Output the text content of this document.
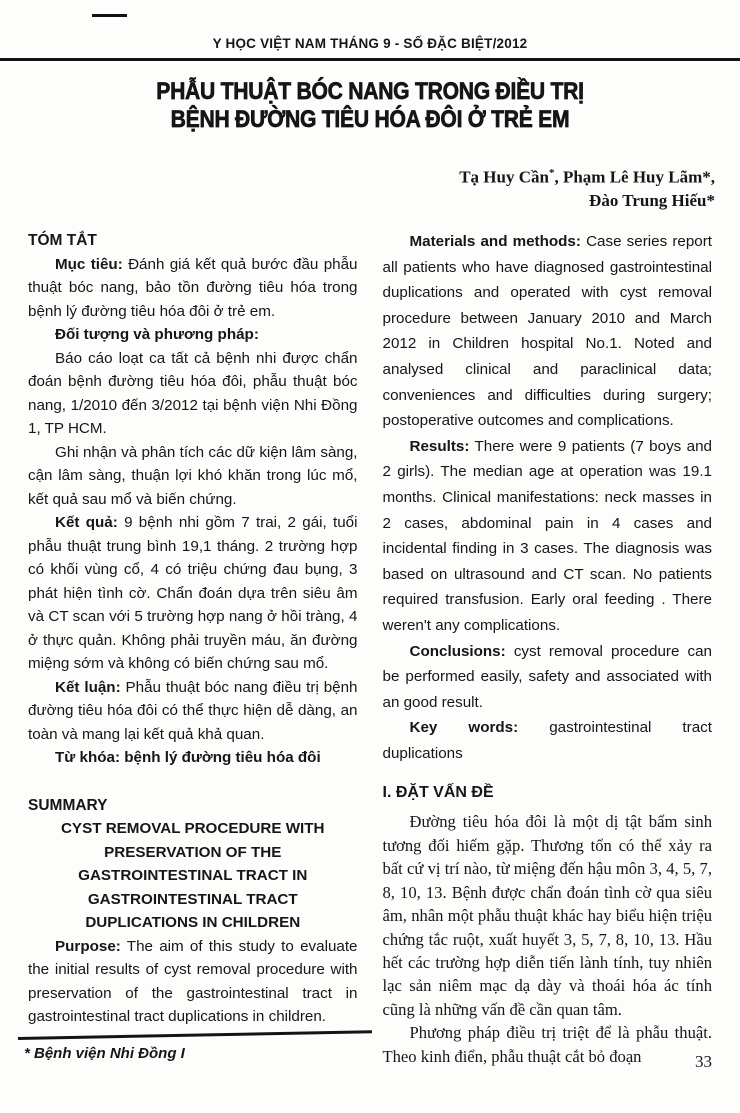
Y HỌC VIỆT NAM THÁNG 9 - SỐ ĐẶC BIỆT/2012
PHẪU THUẬT BÓC NANG TRONG ĐIỀU TRỊ
BỆNH ĐƯỜNG TIÊU HÓA ĐÔI Ở TRẺ EM
Tạ Huy Cần*, Phạm Lê Huy Lãm*,
Đào Trung Hiếu*
TÓM TẮT

Mục tiêu: Đánh giá kết quả bước đầu phẫu thuật bóc nang, bảo tồn đường tiêu hóa trong bệnh lý đường tiêu hóa đôi ở trẻ em.

Đối tượng và phương pháp:

Báo cáo loạt ca tất cả bệnh nhi được chẩn đoán bệnh đường tiêu hóa đôi, phẫu thuật bóc nang, 1/2010 đến 3/2012 tại bệnh viện Nhi Đồng 1, TP HCM.

Ghi nhận và phân tích các dữ kiện lâm sàng, cận lâm sàng, thuận lợi khó khăn trong lúc mổ, kết quả sau mổ và biến chứng.

Kết quả: 9 bệnh nhi gồm 7 trai, 2 gái, tuổi phẫu thuật trung bình 19,1 tháng. 2 trường hợp có khối vùng cổ, 4 có triệu chứng đau bụng, 3 phát hiện tình cờ. Chẩn đoán dựa trên siêu âm và CT scan với 5 trường hợp nang ở hồi tràng, 4 ở thực quản. Không phải truyền máu, ăn đường miệng sớm và không có biến chứng sau mổ.

Kết luận: Phẫu thuật bóc nang điều trị bệnh đường tiêu hóa đôi có thể thực hiện dễ dàng, an toàn và mang lại kết quả khả quan.

Từ khóa: bệnh lý đường tiêu hóa đôi

SUMMARY
CYST REMOVAL PROCEDURE WITH
PRESERVATION OF THE
GASTROINTESTINAL TRACT IN
GASTROINTESTINAL TRACT
DUPLICATIONS IN CHILDREN

Purpose: The aim of this study to evaluate the initial results of cyst removal procedure with preservation of the gastrointestinal tract in gastrointestinal tract duplications in children.

Materials and methods: Case series report all patients who have diagnosed gastrointestinal duplications and operated with cyst removal procedure between January 2010 and March 2012 in Children hospital No.1. Noted and analysed clinical and paraclinical data; conveniences and difficulties during surgery; postoperative outcomes and complications.

Results: There were 9 patients (7 boys and 2 girls). The median age at operation was 19.1 months. Clinical manifestations: neck masses in 2 cases, abdominal pain in 4 cases and incidental finding in 3 cases. The diagnosis was based on ultrasound and CT scan. No patients required transfusion. Early oral feeding . There weren't any complications.

Conclusions: cyst removal procedure can be performed easily, safety and associated with an good result.

Key words: gastrointestinal tract duplications

I. ĐẶT VẤN ĐỀ

Đường tiêu hóa đôi là một dị tật bẩm sinh tương đối hiếm gặp. Thương tổn có thể xảy ra bất cứ vị trí nào, từ miệng đến hậu môn 3, 4, 5, 7, 8, 10, 13. Bệnh được chẩn đoán tình cờ qua siêu âm, nhân một phẫu thuật khác hay biểu hiện triệu chứng tắc ruột, xuất huyết 3, 5, 7, 8, 10, 13. Hầu hết các trường hợp diễn tiến lành tính, tuy nhiên lạc sản niêm mạc dạ dày và thoái hóa ác tính cũng là những vấn đề cần quan tâm.

Phương pháp điều trị triệt để là phẫu thuật. Theo kinh điển, phẫu thuật cắt bỏ đoạn

* Bệnh viện Nhi Đồng I	33
